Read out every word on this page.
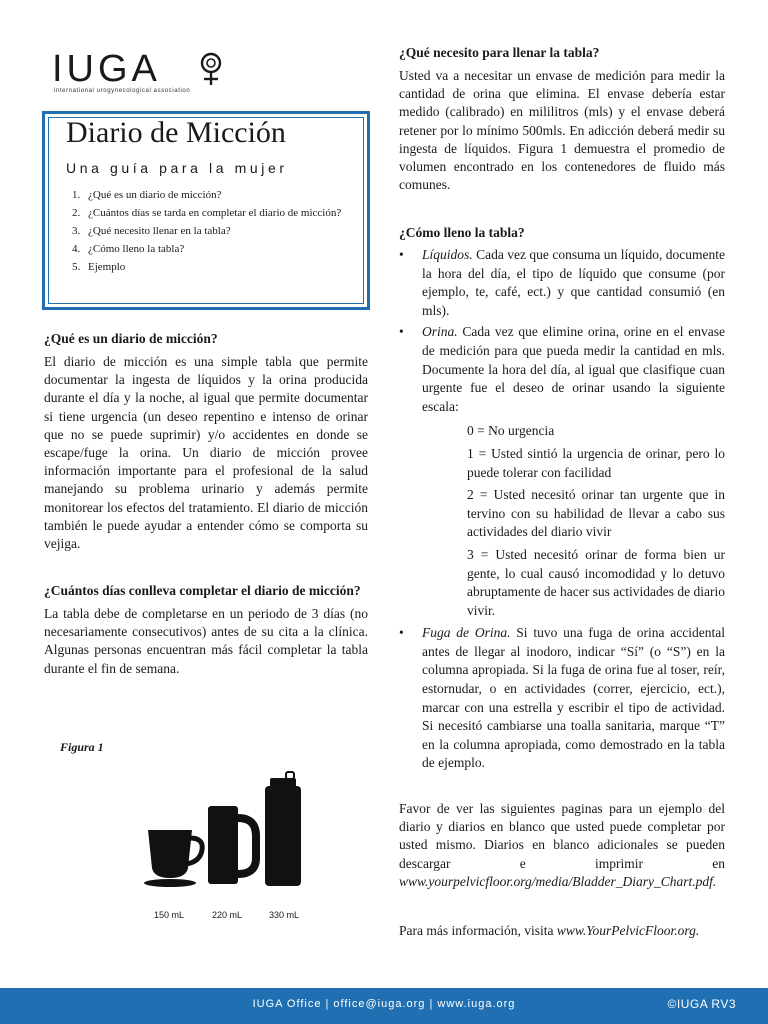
IUGA
international urogynecological association
Diario de Micción
Una guía para la mujer
1. ¿Qué es un diario de micción?
2. ¿Cuántos días se tarda en completar el diario de micción?
3. ¿Qué necesito llenar en la tabla?
4. ¿Cómo lleno la tabla?
5. Ejemplo

¿Qué es un diario de micción?

El diario de micción es una simple tabla que permite documentar la ingesta de líquidos y la orina producida durante el día y la noche, al igual que permite documentar si tiene urgencia (un deseo repentino e intenso de orinar que no se puede suprimir) y/o accidentes en donde se escape/fuge la orina. Un diario de micción provee información importante para el profesional de la salud manejando su problema urinario y además permite monitorear los efectos del tratamiento. El diario de micción también le puede ayudar a entender cómo se comporta su vejiga.

¿Cuántos días conlleva completar el diario de micción?

La tabla debe de completarse en un periodo de 3 días (no necesariamente consecutivos) antes de su cita a la clínica. Algunas personas encuentran más fácil completar la tabla durante el fin de semana.

Figura 1
150 mL	220 mL	330 mL

¿Qué necesito para llenar la tabla?

Usted va a necesitar un envase de medición para medir la cantidad de orina que elimina. El envase debería estar medido (calibrado) en mililitros (mls) y el envase deberá retener por lo mínimo 500mls. En adicción deberá medir su ingesta de líquidos. Figura 1 demuestra el promedio de volumen encontrado en los contenedores de fluido más comunes.

¿Cómo lleno la tabla?

• Líquidos. Cada vez que consuma un líquido, documente la hora del día, el tipo de líquido que consume (por ejemplo, te, café, ect.) y que cantidad consumió (en mls).
• Orina. Cada vez que elimine orina, orine en el envase de medición para que pueda medir la cantidad en mls. Documente la hora del día, al igual que clasifique cuan urgente fue el deseo de orinar usando la siguiente escala:
0 = No urgencia
1 = Usted sintió la urgencia de orinar, pero lo puede tolerar con facilidad
2 = Usted necesitó orinar tan urgente que in tervino con su habilidad de llevar a cabo sus actividades del diario vivir
3 = Usted necesitó orinar de forma bien ur gente, lo cual causó incomodidad y lo detuvo abruptamente de hacer sus actividades de diario vivir.
• Fuga de Orina. Si tuvo una fuga de orina accidental antes de llegar al inodoro, indicar “Sí” (o “S”) en la columna apropiada. Si la fuga de orina fue al toser, reír, estornudar, o en actividades (correr, ejercicio, ect.), marcar con una estrella y escribir el tipo de actividad. Si necesitó cambiarse una toalla sanitaria, marque “T” en la columna apropiada, como demostrado en la tabla de ejemplo.

Favor de ver las siguientes paginas para un ejemplo del diario y diarios en blanco que usted puede completar por usted mismo. Diarios en blanco adicionales se pueden descargar e imprimir en www.yourpelvicfloor.org/media/Bladder_Diary_Chart.pdf.

Para más información, visita www.YourPelvicFloor.org.

IUGA Office | office@iuga.org | www.iuga.org	©IUGA RV3
